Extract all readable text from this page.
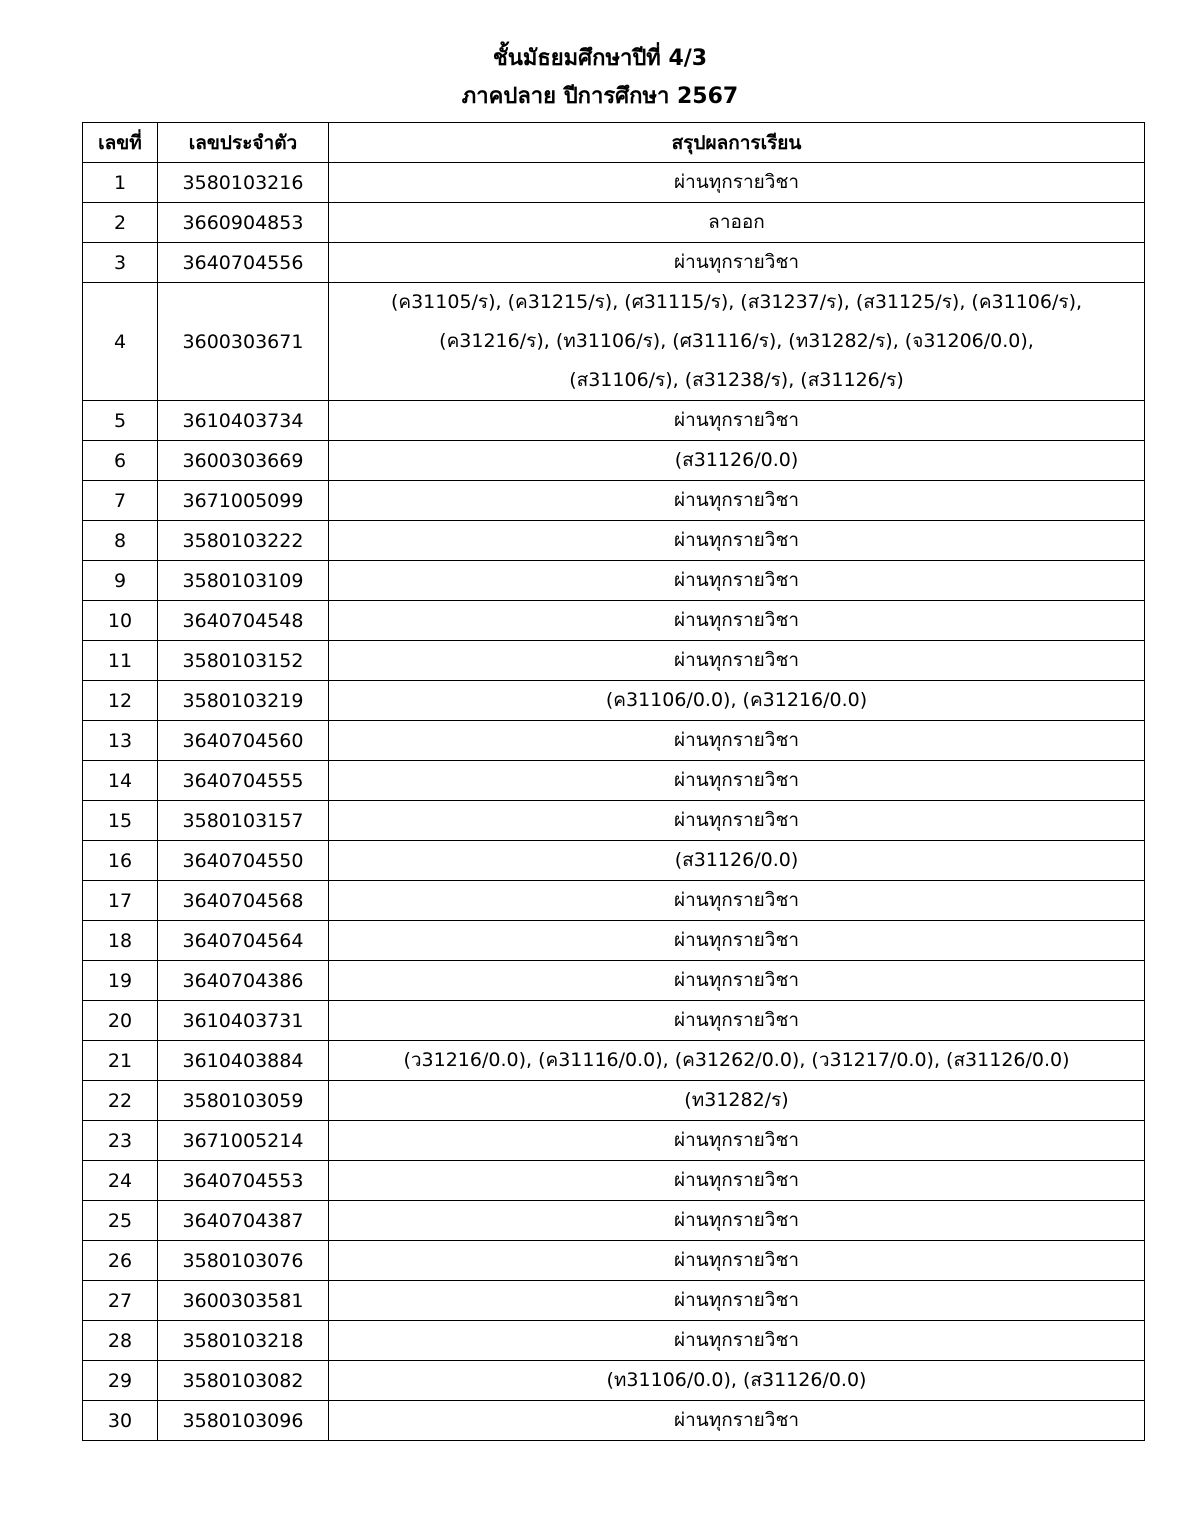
ชั้นมัธยมศึกษาปีที่ 4/3
ภาคปลาย ปีการศึกษา 2567
เลขที่	เลขประจำตัว	สรุปผลการเรียน
1	3580103216	ผ่านทุกรายวิชา

2	3660904853	ลาออก

3	3640704556	ผ่านทุกรายวิชา

4	3600303671	(ค31105/ร), (ค31215/ร), (ศ31115/ร), (ส31237/ร), (ส31125/ร), (ค31106/ร),
(ค31216/ร), (ท31106/ร), (ศ31116/ร), (ท31282/ร), (จ31206/0.0),
(ส31106/ร), (ส31238/ร), (ส31126/ร)

5	3610403734	ผ่านทุกรายวิชา

6	3600303669	(ส31126/0.0)

7	3671005099	ผ่านทุกรายวิชา

8	3580103222	ผ่านทุกรายวิชา

9	3580103109	ผ่านทุกรายวิชา

10	3640704548	ผ่านทุกรายวิชา

11	3580103152	ผ่านทุกรายวิชา

12	3580103219	(ค31106/0.0), (ค31216/0.0)

13	3640704560	ผ่านทุกรายวิชา

14	3640704555	ผ่านทุกรายวิชา

15	3580103157	ผ่านทุกรายวิชา

16	3640704550	(ส31126/0.0)

17	3640704568	ผ่านทุกรายวิชา

18	3640704564	ผ่านทุกรายวิชา

19	3640704386	ผ่านทุกรายวิชา

20	3610403731	ผ่านทุกรายวิชา

21	3610403884	(ว31216/0.0), (ค31116/0.0), (ค31262/0.0), (ว31217/0.0), (ส31126/0.0)

22	3580103059	(ท31282/ร)

23	3671005214	ผ่านทุกรายวิชา

24	3640704553	ผ่านทุกรายวิชา

25	3640704387	ผ่านทุกรายวิชา

26	3580103076	ผ่านทุกรายวิชา

27	3600303581	ผ่านทุกรายวิชา

28	3580103218	ผ่านทุกรายวิชา

29	3580103082	(ท31106/0.0), (ส31126/0.0)

30	3580103096	ผ่านทุกรายวิชา
